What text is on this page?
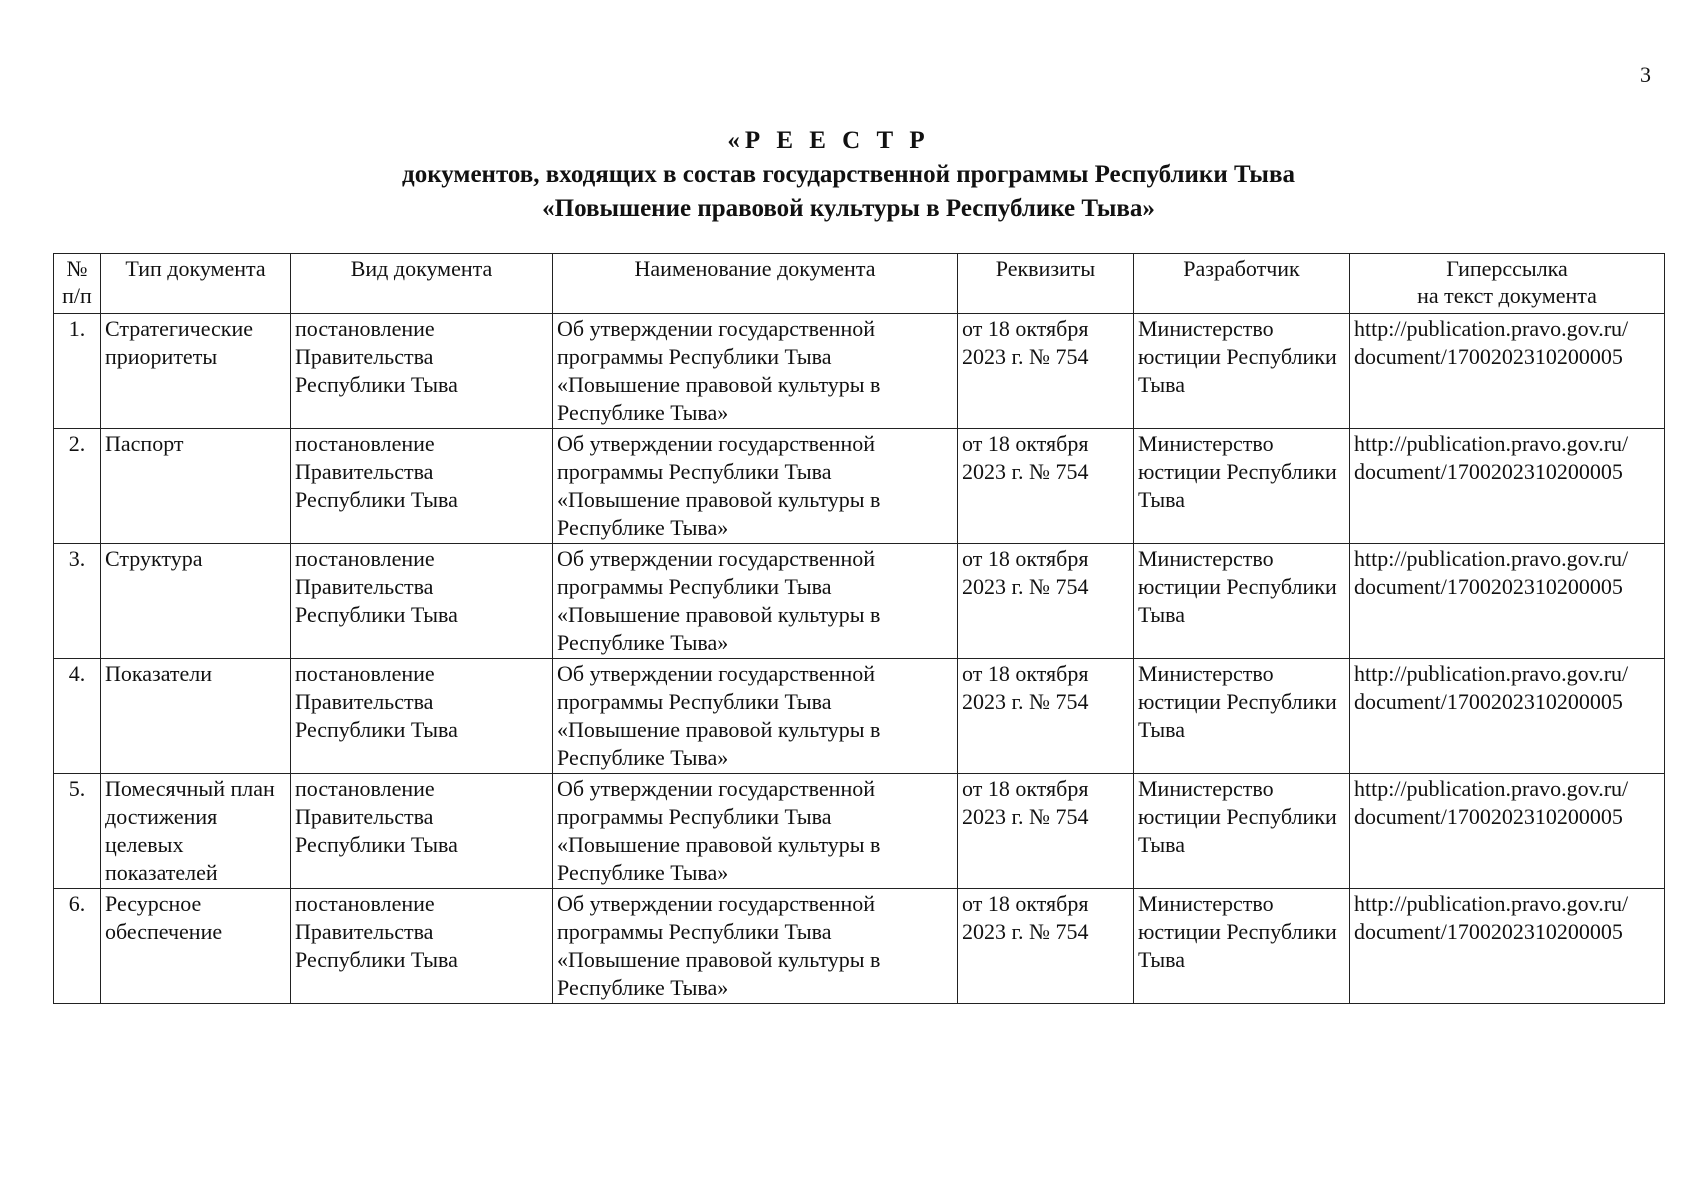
3
«Р Е Е С Т Р
документов, входящих в состав государственной программы Республики Тыва
«Повышение правовой культуры в Республике Тыва»
№ п/п	Тип документа	Вид документа	Наименование документа	Реквизиты	Разработчик	Гиперссылка
на текст документа
1.	Стратегические приоритеты	постановление Правительства Республики Тыва	Об утверждении государственной программы Республики Тыва «Повышение правовой культуры в Республике Тыва»	от 18 октября 2023 г. № 754	Министерство юстиции Республики Тыва	http://publication.pravo.gov.ru/
document/1700202310200005
2.	Паспорт	постановление Правительства Республики Тыва	Об утверждении государственной программы Республики Тыва «Повышение правовой культуры в Республике Тыва»	от 18 октября 2023 г. № 754	Министерство юстиции Республики Тыва	http://publication.pravo.gov.ru/
document/1700202310200005
3.	Структура	постановление Правительства Республики Тыва	Об утверждении государственной программы Республики Тыва «Повышение правовой культуры в Республике Тыва»	от 18 октября 2023 г. № 754	Министерство юстиции Республики Тыва	http://publication.pravo.gov.ru/
document/1700202310200005
4.	Показатели	постановление Правительства Республики Тыва	Об утверждении государственной программы Республики Тыва «Повышение правовой культуры в Республике Тыва»	от 18 октября 2023 г. № 754	Министерство юстиции Республики Тыва	http://publication.pravo.gov.ru/
document/1700202310200005
5.	Помесячный план достижения целевых показателей	постановление Правительства Республики Тыва	Об утверждении государственной программы Республики Тыва «Повышение правовой культуры в Республике Тыва»	от 18 октября 2023 г. № 754	Министерство юстиции Республики Тыва	http://publication.pravo.gov.ru/
document/1700202310200005
6.	Ресурсное обеспечение	постановление Правительства Республики Тыва	Об утверждении государственной программы Республики Тыва «Повышение правовой культуры в Республике Тыва»	от 18 октября 2023 г. № 754	Министерство юстиции Республики Тыва	http://publication.pravo.gov.ru/
document/1700202310200005
